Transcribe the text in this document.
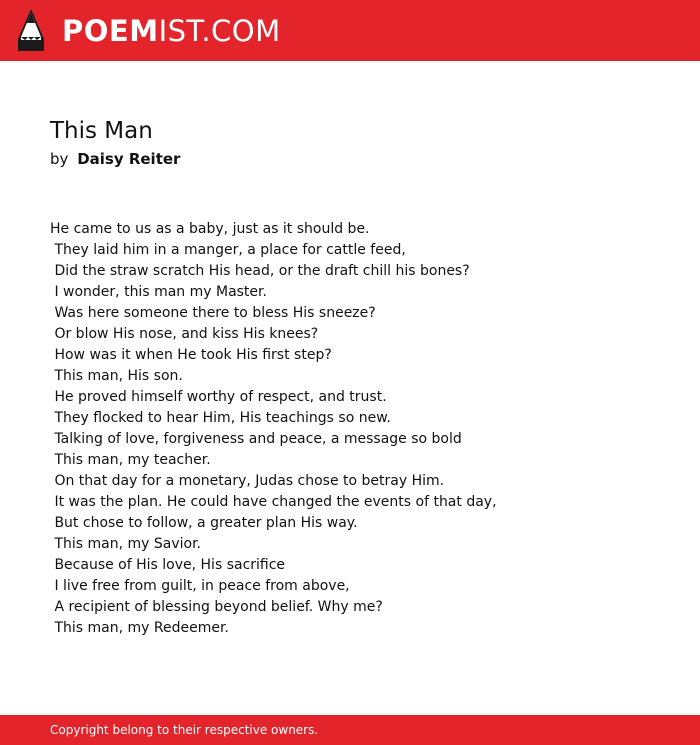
POEMIST.COM
This Man
by Daisy Reiter
He came to us as a baby, just as it should be.
They laid him in a manger, a place for cattle feed,
Did the straw scratch His head, or the draft chill his bones?
I wonder, this man my Master.
Was here someone there to bless His sneeze?
Or blow His nose, and kiss His knees?
How was it when He took His first step?
This man, His son.
He proved himself worthy of respect, and trust.
They flocked to hear Him, His teachings so new.
Talking of love, forgiveness and peace, a message so bold
This man, my teacher.
On that day for a monetary, Judas chose to betray Him.
It was the plan. He could have changed the events of that day,
But chose to follow, a greater plan His way.
This man, my Savior.
Because of His love, His sacrifice
I live free from guilt, in peace from above,
A recipient of blessing beyond belief. Why me?
This man, my Redeemer.
Copyright belong to their respective owners.
